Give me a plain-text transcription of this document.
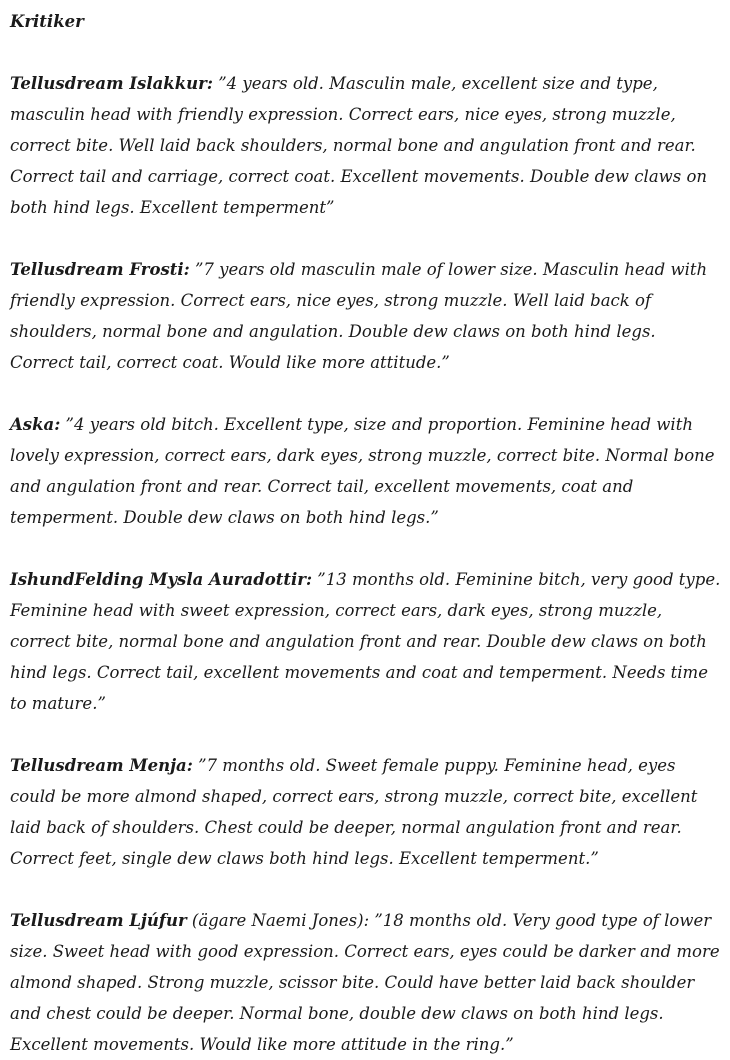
Kritiker

Tellusdream Islakkur: ”4 years old. Masculin male, excellent size and type, masculin head with friendly expression. Correct ears, nice eyes, strong muzzle, correct bite. Well laid back shoulders, normal bone and angulation front and rear. Correct tail and carriage, correct coat. Excellent movements. Double dew claws on both hind legs. Excellent temperment”

Tellusdream Frosti: ”7 years old masculin male of lower size. Masculin head with friendly expression. Correct ears, nice eyes, strong muzzle. Well laid back of shoulders, normal bone and angulation. Double dew claws on both hind legs. Correct tail, correct coat. Would like more attitude.”

Aska: ”4 years old bitch. Excellent type, size and proportion. Feminine head with lovely expression, correct ears, dark eyes, strong muzzle, correct bite. Normal bone and angulation front and rear. Correct tail, excellent movements, coat and temperment. Double dew claws on both hind legs.”

IshundFelding Mysla Auradottir: ”13 months old. Feminine bitch, very good type. Feminine head with sweet expression, correct ears, dark eyes, strong muzzle, correct bite, normal bone and angulation front and rear. Double dew claws on both hind legs. Correct tail, excellent movements and coat and temperment. Needs time to mature.”

Tellusdream Menja: ”7 months old. Sweet female puppy. Feminine head, eyes could be more almond shaped, correct ears, strong muzzle, correct bite, excellent laid back of shoulders. Chest could be deeper, normal angulation front and rear. Correct feet, single dew claws both hind legs. Excellent temperment.”

Tellusdream Ljúfur (ägare Naemi Jones): ”18 months old. Very good type of lower size. Sweet head with good expression. Correct ears, eyes could be darker and more almond shaped. Strong muzzle, scissor bite. Could have better laid back shoulder and chest could be deeper. Normal bone, double dew claws on both hind legs. Excellent movements. Would like more attitude in the ring.”
